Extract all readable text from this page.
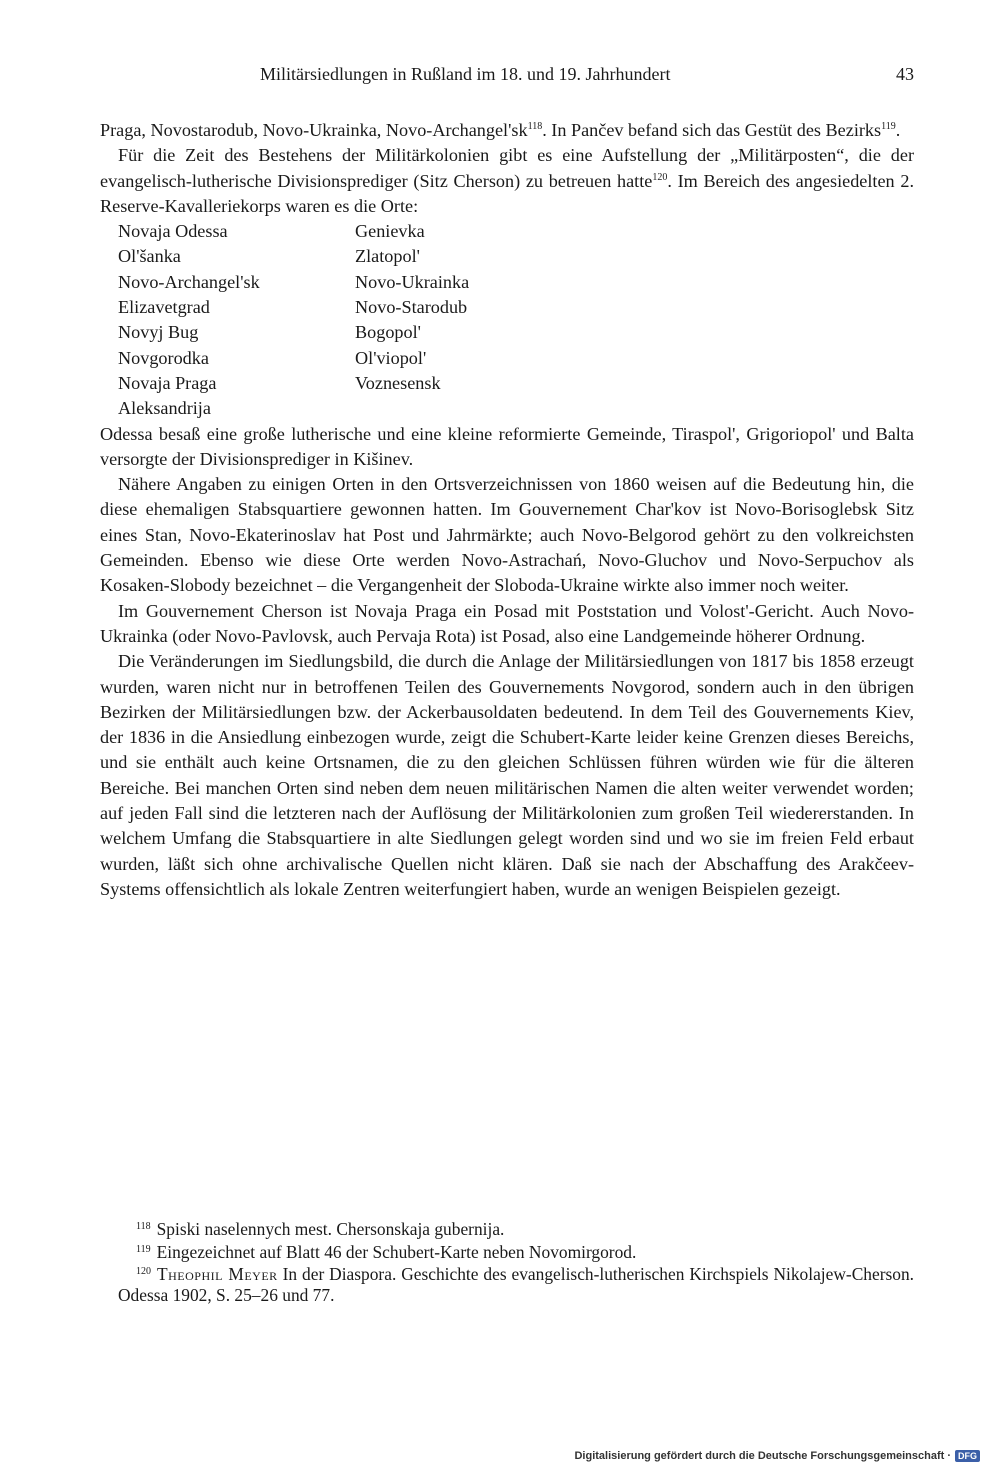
Militärsiedlungen in Rußland im 18. und 19. Jahrhundert	43

Praga, Novostarodub, Novo-Ukrainka, Novo-$Archangel'sk^{118}$. In Pančev befand sich das Gestüt des Bezirks$^{119}$.

Für die Zeit des Bestehens der Militärkolonien gibt es eine Aufstellung der „Militärposten“, die der evangelisch-lutherische Divisionsprediger (Sitz Cherson) zu betreuen hatte$^{120}$. Im Bereich des angesiedelten 2. Reserve-Kavalleriekorps waren es die Orte:

Novaja Odessa
Ol'šanka
Novo-Archangel'sk
Elizavetgrad
Novyj Bug
Novgorodka
Novaja Praga
Aleksandrija
Genievka
Zlatopol'
Novo-Ukrainka
Novo-Starodub
Bogopol'
Ol'viopol'
Voznesensk

Odessa besaß eine große lutherische und eine kleine reformierte Gemeinde, Tiraspol', Grigoriopol' und Balta versorgte der Divisionsprediger in Kišinev.

Nähere Angaben zu einigen Orten in den Ortsverzeichnissen von 1860 weisen auf die Bedeutung hin, die diese ehemaligen Stabsquartiere gewonnen hatten. Im Gouvernement Char'kov ist Novo-Borisoglebsk Sitz eines Stan, Novo-Ekaterinoslav hat Post und Jahrmärkte; auch Novo-Belgorod gehört zu den volkreichsten Gemeinden. Ebenso wie diese Orte werden Novo-Astrachań, Novo-Gluchov und Novo-Serpuchov als Kosaken-Slobody bezeichnet – die Vergangenheit der Sloboda-Ukraine wirkte also immer noch weiter.

Im Gouvernement Cherson ist Novaja Praga ein Posad mit Poststation und Volost'-Gericht. Auch Novo-Ukrainka (oder Novo-Pavlovsk, auch Pervaja Rota) ist Posad, also eine Landgemeinde höherer Ordnung.

Die Veränderungen im Siedlungsbild, die durch die Anlage der Militärsiedlungen von 1817 bis 1858 erzeugt wurden, waren nicht nur in betroffenen Teilen des Gouvernements Novgorod, sondern auch in den übrigen Bezirken der Militärsiedlungen bzw. der Ackerbausoldaten bedeutend. In dem Teil des Gouvernements Kiev, der 1836 in die Ansiedlung einbezogen wurde, zeigt die Schubert-Karte leider keine Grenzen dieses Bereichs, und sie enthält auch keine Ortsnamen, die zu den gleichen Schlüssen führen würden wie für die älteren Bereiche. Bei manchen Orten sind neben dem neuen militärischen Namen die alten weiter verwendet worden; auf jeden Fall sind die letzteren nach der Auflösung der Militärkolonien zum großen Teil wiedererstanden. In welchem Umfang die Stabsquartiere in alte Siedlungen gelegt worden sind und wo sie im freien Feld erbaut wurden, läßt sich ohne archivalische Quellen nicht klären. Daß sie nach der Abschaffung des Arakčeev-Systems offensichtlich als lokale Zentren weiterfungiert haben, wurde an wenigen Beispielen gezeigt.

$^{118}$ Spiski naselennych mest. Chersonskaja gubernija.
$^{119}$ Eingezeichnet auf Blatt 46 der Schubert-Karte neben Novomirgorod.
$^{120}$ Theophil Meyer In der Diaspora. Geschichte des evangelisch-lutherischen Kirchspiels Nikolajew-Cherson. Odessa 1902, S. 25–26 und 77.
Digitalisierung gefördert durch die Deutsche Forschungsgemeinschaft · DFG
